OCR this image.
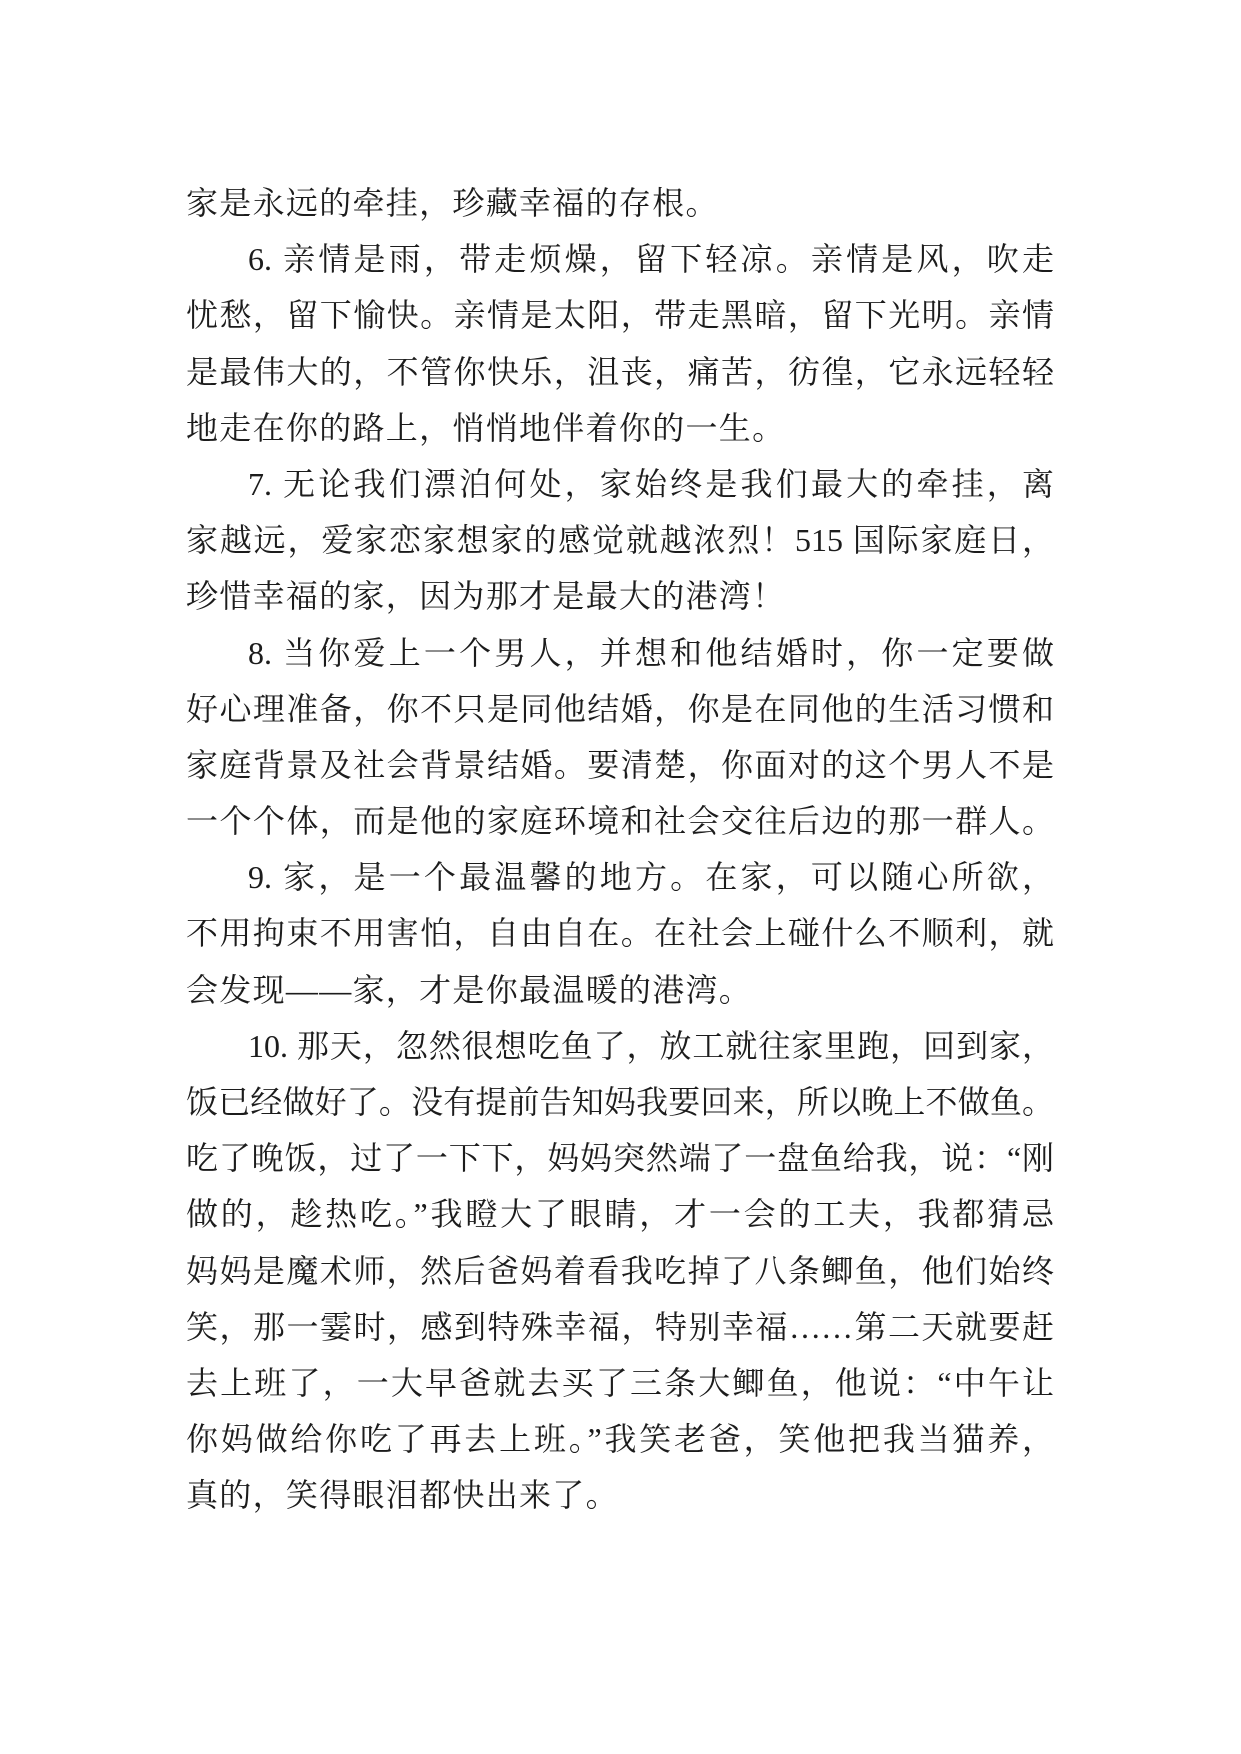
家是永远的牵挂，珍藏幸福的存根。
6. 亲情是雨，带走烦燥，留下轻凉。亲情是风，吹走
忧愁，留下愉快。亲情是太阳，带走黑暗，留下光明。亲情
是最伟大的，不管你快乐，沮丧，痛苦，彷徨，它永远轻轻
地走在你的路上，悄悄地伴着你的一生。
7. 无论我们漂泊何处，家始终是我们最大的牵挂，离
家越远，爱家恋家想家的感觉就越浓烈！515 国际家庭日，
珍惜幸福的家，因为那才是最大的港湾！
8. 当你爱上一个男人，并想和他结婚时，你一定要做
好心理准备，你不只是同他结婚，你是在同他的生活习惯和
家庭背景及社会背景结婚。要清楚，你面对的这个男人不是
一个个体，而是他的家庭环境和社会交往后边的那一群人。
9. 家，是一个最温馨的地方。在家，可以随心所欲，
不用拘束不用害怕，自由自在。在社会上碰什么不顺利，就
会发现——家，才是你最温暖的港湾。
10. 那天，忽然很想吃鱼了，放工就往家里跑，回到家，
饭已经做好了。没有提前告知妈我要回来，所以晚上不做鱼。
吃了晚饭，过了一下下，妈妈突然端了一盘鱼给我，说：“刚
做的，趁热吃。”我瞪大了眼睛，才一会的工夫，我都猜忌
妈妈是魔术师，然后爸妈着看我吃掉了八条鲫鱼，他们始终
笑，那一霎时，感到特殊幸福，特别幸福……第二天就要赶
去上班了，一大早爸就去买了三条大鲫鱼，他说：“中午让
你妈做给你吃了再去上班。”我笑老爸，笑他把我当猫养，
真的，笑得眼泪都快出来了。
